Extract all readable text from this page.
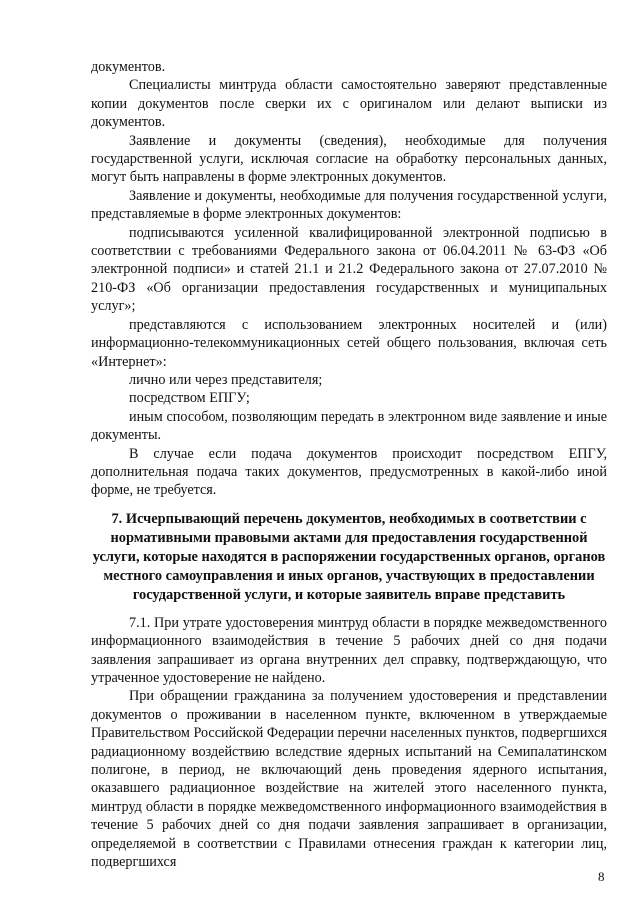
документов.

Специалисты минтруда области самостоятельно заверяют представленные копии документов после сверки их с оригиналом или делают выписки из документов.

Заявление и документы (сведения), необходимые для получения государственной услуги, исключая согласие на обработку персональных данных, могут быть направлены в форме электронных документов.

Заявление и документы, необходимые для получения государственной услуги, представляемые в форме электронных документов:

подписываются усиленной квалифицированной электронной подписью в соответствии с требованиями Федерального закона от 06.04.2011 № 63-ФЗ «Об электронной подписи» и статей 21.1 и 21.2 Федерального закона от 27.07.2010 № 210-ФЗ «Об организации предоставления государственных и муниципальных услуг»;

представляются с использованием электронных носителей и (или) информационно-телекоммуникационных сетей общего пользования, включая сеть «Интернет»:

лично или через представителя;

посредством ЕПГУ;

иным способом, позволяющим передать в электронном виде заявление и иные документы.

В случае если подача документов происходит посредством ЕПГУ, дополнительная подача таких документов, предусмотренных в какой-либо иной форме, не требуется.

7. Исчерпывающий перечень документов, необходимых в соответствии с нормативными правовыми актами для предоставления государственной услуги, которые находятся в распоряжении государственных органов, органов местного самоуправления и иных органов, участвующих в предоставлении государственной услуги, и которые заявитель вправе представить

7.1. При утрате удостоверения минтруд области в порядке межведомственного информационного взаимодействия в течение 5 рабочих дней со дня подачи заявления запрашивает из органа внутренних дел справку, подтверждающую, что утраченное удостоверение не найдено.

При обращении гражданина за получением удостоверения и представлении документов о проживании в населенном пункте, включенном в утверждаемые Правительством Российской Федерации перечни населенных пунктов, подвергшихся радиационному воздействию вследствие ядерных испытаний на Семипалатинском полигоне, в период, не включающий день проведения ядерного испытания, оказавшего радиационное воздействие на жителей этого населенного пункта, минтруд области в порядке межведомственного информационного взаимодействия в течение 5 рабочих дней со дня подачи заявления запрашивает в организации, определяемой в соответствии с Правилами отнесения граждан к категории лиц, подвергшихся

8
